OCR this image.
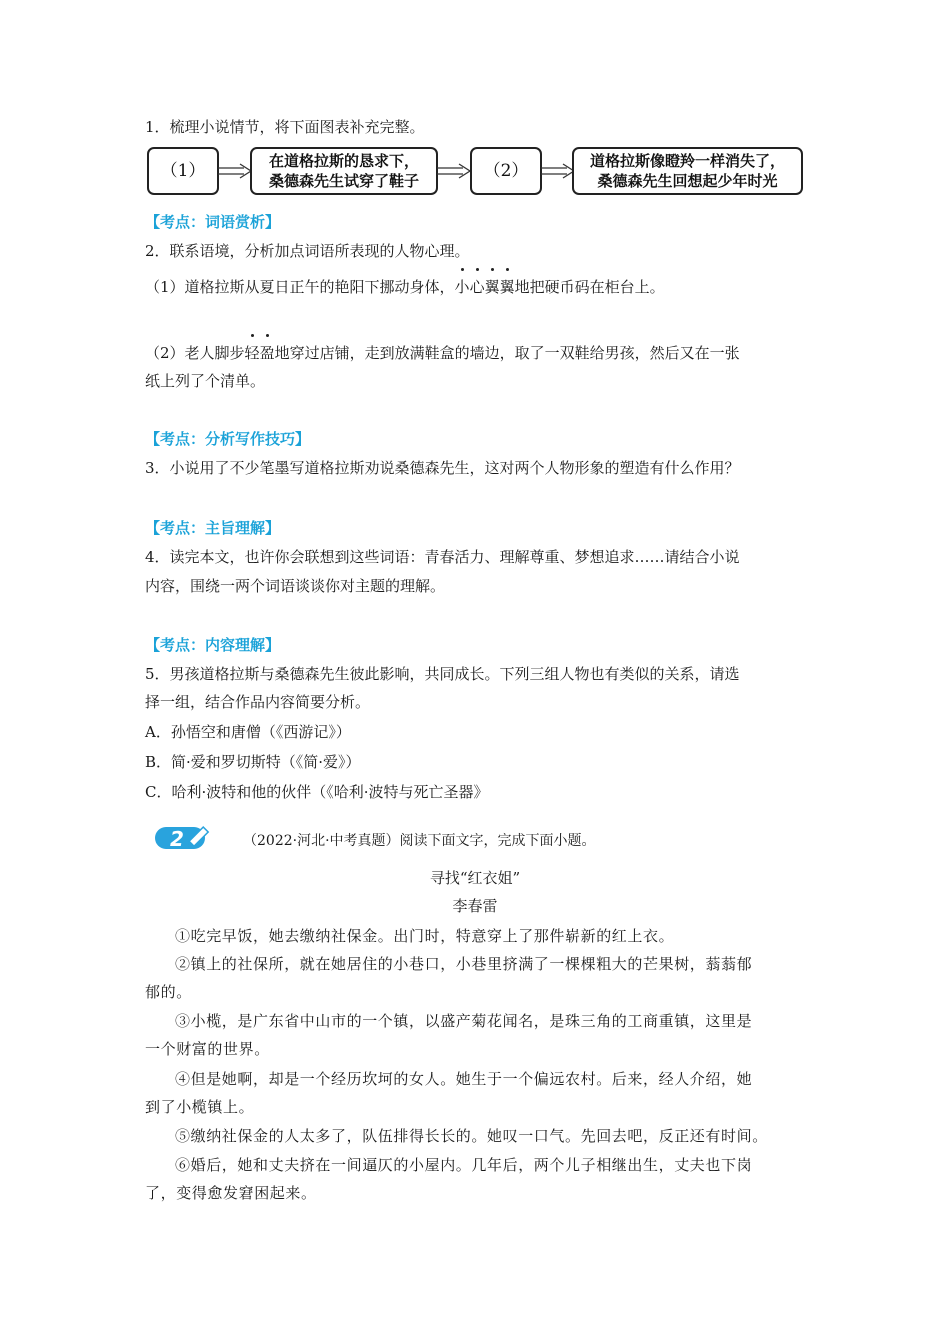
1．梳理小说情节，将下面图表补充完整。
（1）	在道格拉斯的恳求下，
桑德森先生试穿了鞋子	（2）	道格拉斯像瞪羚一样消失了，
桑德森先生回想起少年时光
【考点：词语赏析】
2．联系语境，分析加点词语所表现的人物心理。
（1）道格拉斯从夏日正午的艳阳下挪动身体，小心翼翼地把硬币码在柜台上。
（2）老人脚步轻盈地穿过店铺，走到放满鞋盒的墙边，取了一双鞋给男孩，然后又在一张
纸上列了个清单。
【考点：分析写作技巧】
3．小说用了不少笔墨写道格拉斯劝说桑德森先生，这对两个人物形象的塑造有什么作用？
【考点：主旨理解】
4．读完本文，也许你会联想到这些词语：青春活力、理解尊重、梦想追求……请结合小说
内容，围绕一两个词语谈谈你对主题的理解。
【考点：内容理解】
5．男孩道格拉斯与桑德森先生彼此影响，共同成长。下列三组人物也有类似的关系，请选
择一组，结合作品内容简要分析。
A．孙悟空和唐僧（《西游记》）
B．简·爱和罗切斯特（《简·爱》）
C．哈利·波特和他的伙伴（《哈利·波特与死亡圣器》
2	（2022·河北·中考真题）阅读下面文字，完成下面小题。
寻找“红衣姐”
李春雷
①吃完早饭，她去缴纳社保金。出门时，特意穿上了那件崭新的红上衣。
②镇上的社保所，就在她居住的小巷口，小巷里挤满了一棵棵粗大的芒果树，蓊蓊郁
郁的。
③小榄，是广东省中山市的一个镇，以盛产菊花闻名，是珠三角的工商重镇，这里是
一个财富的世界。
④但是她啊，却是一个经历坎坷的女人。她生于一个偏远农村。后来，经人介绍，她
到了小榄镇上。
⑤缴纳社保金的人太多了，队伍排得长长的。她叹一口气。先回去吧，反正还有时间。
⑥婚后，她和丈夫挤在一间逼仄的小屋内。几年后，两个儿子相继出生，丈夫也下岗
了，变得愈发窘困起来。
